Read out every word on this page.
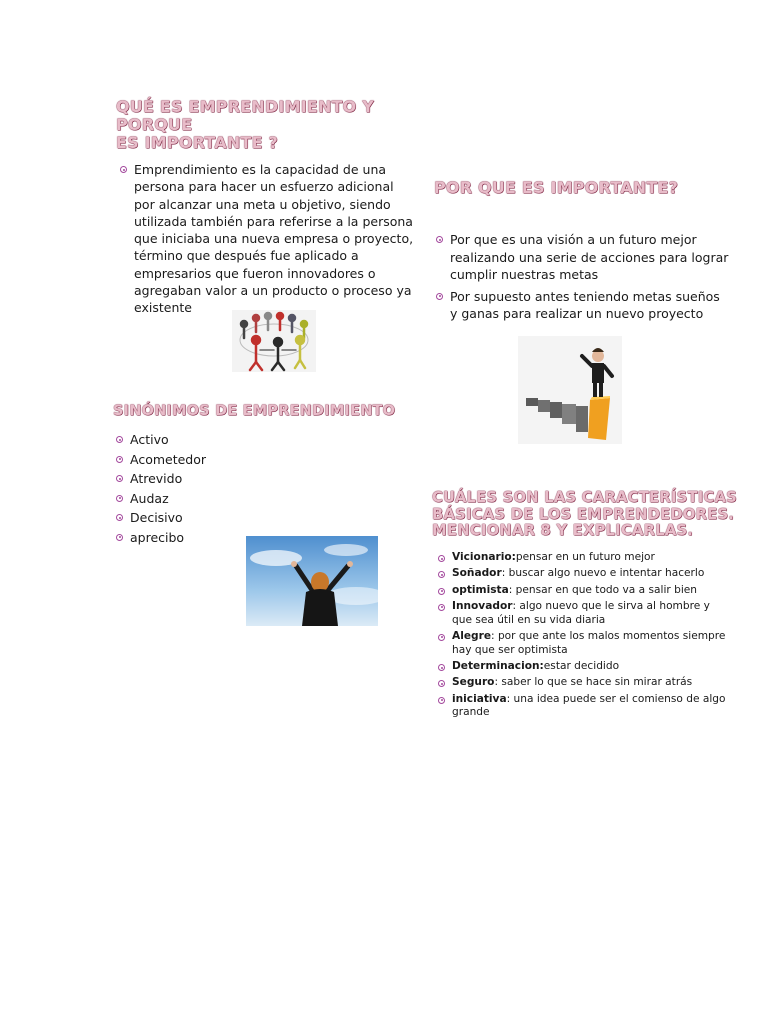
QUÉ ES EMPRENDIMIENTO Y PORQUE
ES IMPORTANTE ?
Emprendimiento es la capacidad de una persona para hacer un esfuerzo adicional por alcanzar una meta u objetivo, siendo utilizada también para referirse a la persona que iniciaba una nueva empresa o proyecto, término que después fue aplicado a empresarios que fueron innovadores o agregaban valor a un producto o proceso ya existente
POR QUE ES IMPORTANTE?
Por que es una visión a un futuro mejor realizando una serie de acciones para lograr cumplir nuestras metas
Por supuesto antes teniendo metas sueños y ganas para realizar un nuevo proyecto
SINÓNIMOS DE EMPRENDIMIENTO
Activo
Acometedor
Atrevido
Audaz
Decisivo
aprecibo
CUÁLES SON LAS CARACTERÍSTICAS
BÁSICAS DE LOS EMPRENDEDORES.
MENCIONAR 8 Y EXPLICARLAS.
Vicionario:pensar en un futuro mejor
Soñador: buscar algo nuevo e intentar hacerlo
optimista: pensar en que todo va a salir bien
Innovador: algo nuevo que le sirva al hombre y que sea útil en su vida diaria
Alegre: por que ante los malos momentos siempre hay que ser optimista
Determinacion:estar decidido
Seguro: saber lo que se hace sin mirar atrás
iniciativa: una idea puede ser el comienso de algo grande
